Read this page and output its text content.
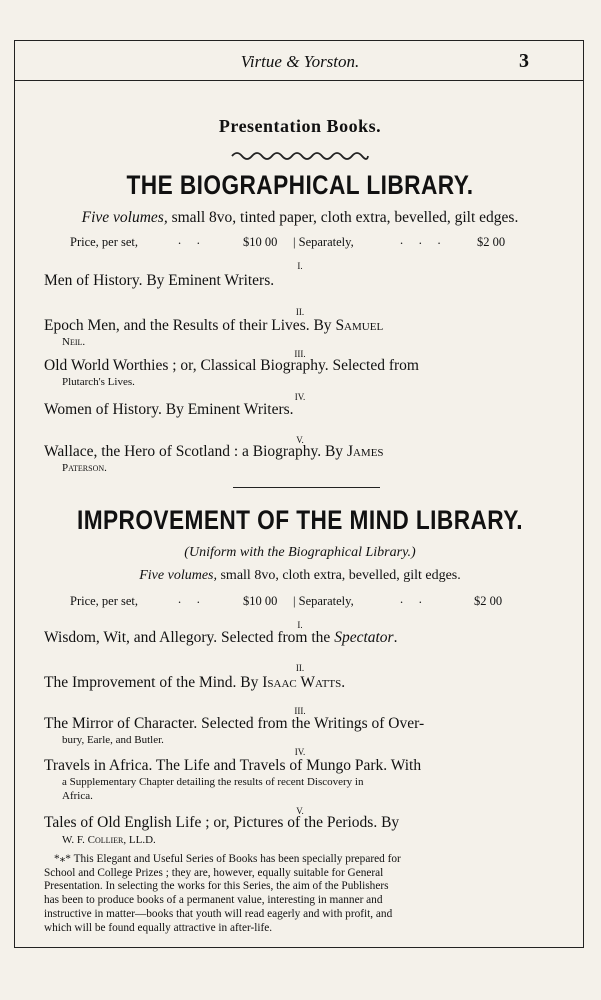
Virtue & Yorston.	3
Presentation Books.
THE BIOGRAPHICAL LIBRARY.
Five volumes, small 8vo, tinted paper, cloth extra, bevelled, gilt edges.
Price, per set,	.     .	$10 00 | Separately,	.     .     .	$2 00
I.
Men of History. By Eminent Writers.
II.
Epoch Men, and the Results of their Lives. By Samuel
Neil.
III.
Old World Worthies ; or, Classical Biography. Selected from
Plutarch's Lives.
IV.
Women of History. By Eminent Writers.
V.
Wallace, the Hero of Scotland : a Biography. By James
Paterson.
IMPROVEMENT OF THE MIND LIBRARY.
(Uniform with the Biographical Library.)
Five volumes, small 8vo, cloth extra, bevelled, gilt edges.
Price, per set,	.     .	$10 00 | Separately,	.     .	$2 00
I.
Wisdom, Wit, and Allegory. Selected from the Spectator.
II.
The Improvement of the Mind. By Isaac Watts.
III.
The Mirror of Character. Selected from the Writings of Over-
bury, Earle, and Butler.
IV.
Travels in Africa. The Life and Travels of Mungo Park. With
a Supplementary Chapter detailing the results of recent Discovery in
Africa.
V.
Tales of Old English Life ; or, Pictures of the Periods. By
W. F. Collier, LL.D.
*⁎* This Elegant and Useful Series of Books has been specially prepared for
School and College Prizes ; they are, however, equally suitable for General
Presentation. In selecting the works for this Series, the aim of the Publishers
has been to produce books of a permanent value, interesting in manner and
instructive in matter—books that youth will read eagerly and with profit, and
which will be found equally attractive in after-life.
